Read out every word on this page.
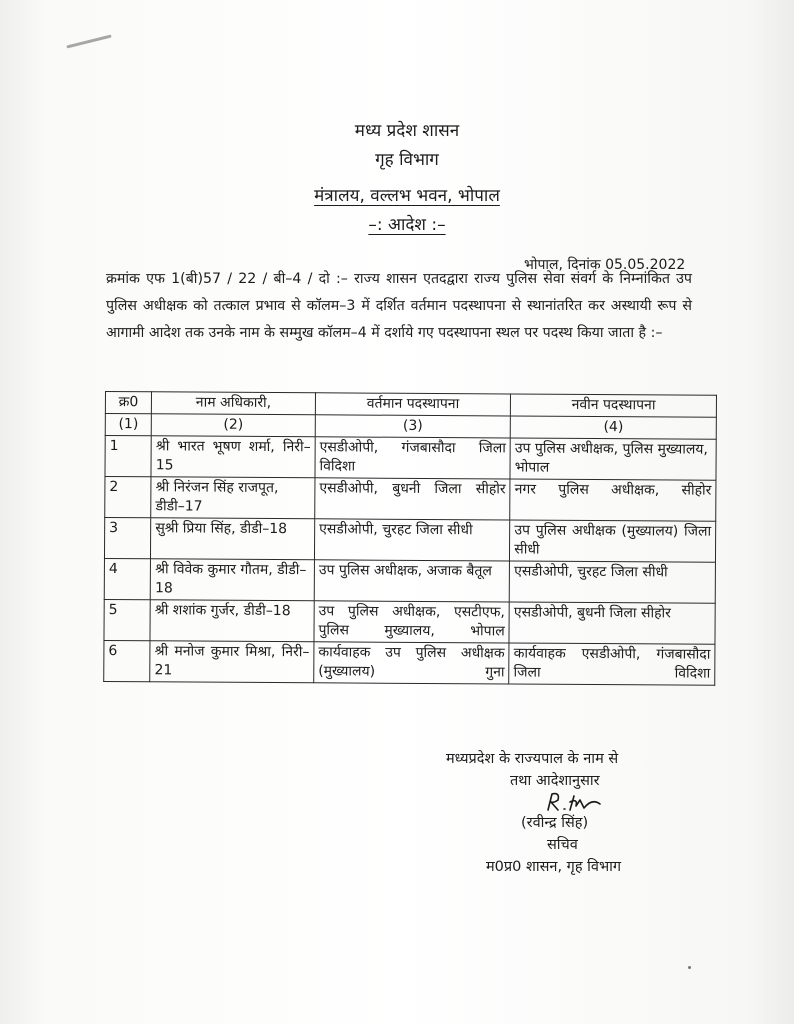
मध्य प्रदेश शासन
गृह विभाग
मंत्रालय, वल्लभ भवन, भोपाल
–: आदेश :–
भोपाल, दिनांक 05.05.2022
क्रमांक एफ 1(बी)57 / 22 / बी–4 / दो :– राज्य शासन एतदद्वारा राज्य पुलिस सेवा संवर्ग के निम्नांकित उप पुलिस अधीक्षक को तत्काल प्रभाव से कॉलम–3 में दर्शित वर्तमान पदस्थापना से स्थानांतरित कर अस्थायी रूप से आगामी आदेश तक उनके नाम के सम्मुख कॉलम–4 में दर्शाये गए पदस्थापना स्थल पर पदस्थ किया जाता है :–
क्र0	नाम अधिकारी,	वर्तमान पदस्थापना	नवीन पदस्थापना
(1)	(2)	(3)	(4)
1	श्री भारत भूषण शर्मा, निरी–15	एसडीओपी, गंजबासौदा जिला विदिशा	उप पुलिस अधीक्षक, पुलिस मुख्यालय, भोपाल
2	श्री निरंजन सिंह राजपूत, डीडी–17	एसडीओपी, बुधनी जिला सीहोर	नगर पुलिस अधीक्षक, सीहोर
3	सुश्री प्रिया सिंह, डीडी–18	एसडीओपी, चुरहट जिला सीधी	उप पुलिस अधीक्षक (मुख्यालय) जिला सीधी
4	श्री विवेक कुमार गौतम, डीडी–18	उप पुलिस अधीक्षक, अजाक बैतूल	एसडीओपी, चुरहट जिला सीधी
5	श्री शशांक गुर्जर, डीडी–18	उप पुलिस अधीक्षक, एसटीएफ, पुलिस मुख्यालय, भोपाल	एसडीओपी, बुधनी जिला सीहोर
6	श्री मनोज कुमार मिश्रा, निरी–21	कार्यवाहक उप पुलिस अधीक्षक (मुख्यालय) गुना	कार्यवाहक एसडीओपी, गंजबासौदा जिला विदिशा
मध्यप्रदेश के राज्यपाल के नाम से
तथा आदेशानुसार
(रवीन्द्र सिंह)
सचिव
म0प्र0 शासन, गृह विभाग
